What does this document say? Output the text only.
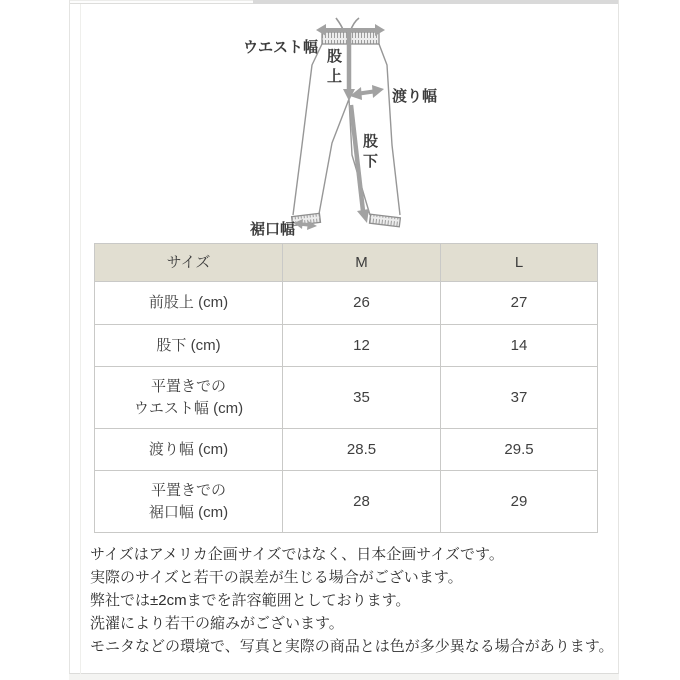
ウエスト幅
股上
渡り幅
股下
裾口幅
サイズ	M	L

前股上 (cm)	26	27

股下 (cm)	12	14

平置きでの
ウエスト幅 (cm)	35	37

渡り幅 (cm)	28.5	29.5

平置きでの
裾口幅 (cm)	28	29
サイズはアメリカ企画サイズではなく、日本企画サイズです。
実際のサイズと若干の誤差が生じる場合がございます。
弊社では±2cmまでを許容範囲としております。
洗濯により若干の縮みがございます。
モニタなどの環境で、写真と実際の商品とは色が多少異なる場合があります。
